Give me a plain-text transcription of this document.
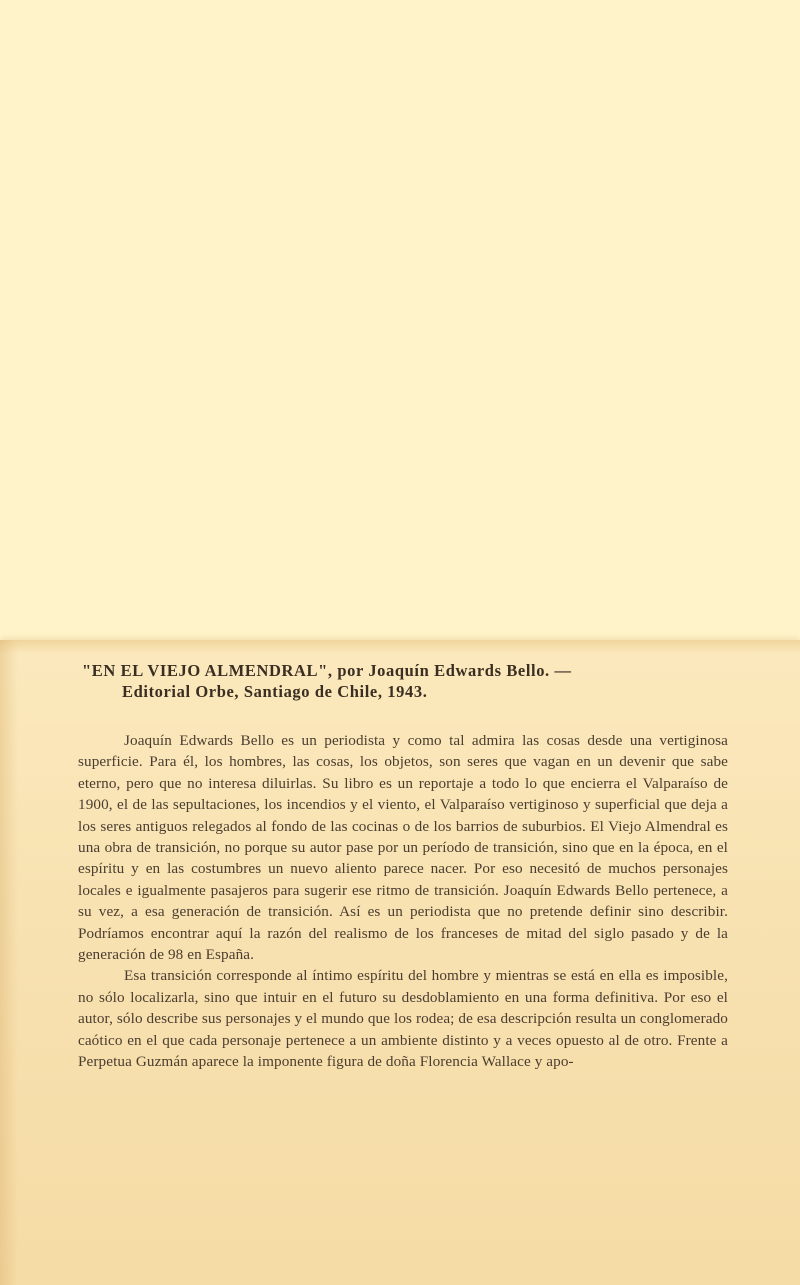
"EN EL VIEJO ALMENDRAL", por Joaquín Edwards Bello. —
Editorial Orbe, Santiago de Chile, 1943.

Joaquín Edwards Bello es un periodista y como tal admira las cosas desde una vertiginosa superficie. Para él, los hombres, las cosas, los objetos, son seres que vagan en un devenir que sabe eterno, pero que no interesa diluirlas. Su libro es un reportaje a todo lo que encierra el Valparaíso de 1900, el de las sepultaciones, los incendios y el viento, el Valparaíso vertiginoso y superficial que deja a los seres antiguos relegados al fondo de las cocinas o de los barrios de suburbios. El Viejo Almendral es una obra de transición, no porque su autor pase por un período de transición, sino que en la época, en el espíritu y en las costumbres un nuevo aliento parece nacer. Por eso necesitó de muchos personajes locales e igualmente pasajeros para sugerir ese ritmo de transición. Joaquín Edwards Bello pertenece, a su vez, a esa generación de transición. Así es un periodista que no pretende definir sino describir. Podríamos encontrar aquí la razón del realismo de los franceses de mitad del siglo pasado y de la generación de 98 en España.

Esa transición corresponde al íntimo espíritu del hombre y mientras se está en ella es imposible, no sólo localizarla, sino que intuir en el futuro su desdoblamiento en una forma definitiva. Por eso el autor, sólo describe sus personajes y el mundo que los rodea; de esa descripción resulta un conglomerado caótico en el que cada personaje pertenece a un ambiente distinto y a veces opuesto al de otro. Frente a Perpetua Guzmán aparece la imponente figura de doña Florencia Wallace y apo-
